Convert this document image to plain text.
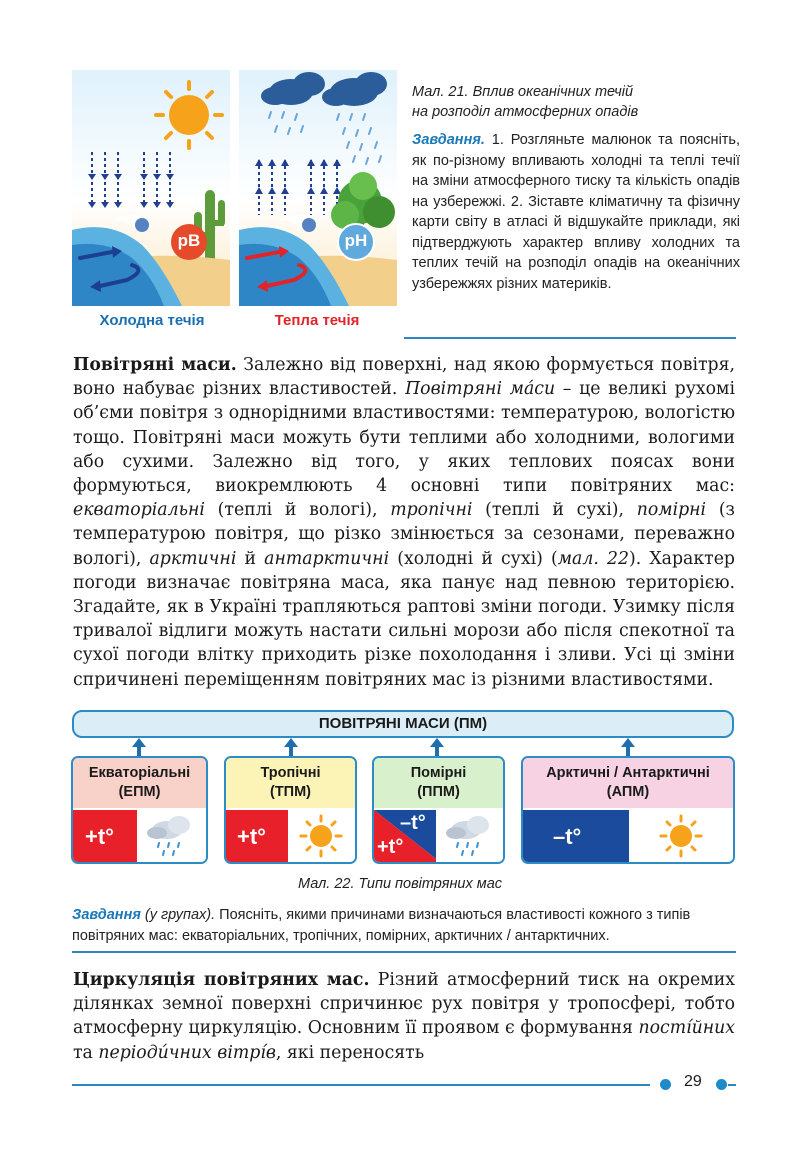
рВ
Холодна течія
рН
Тепла течія
Мал. 21. Вплив океанічних течій
на розподіл атмосферних опадів
Завдання. 1. Розгляньте малюнок та поясніть, як по-різному впливають холодні та теплі течії на зміни атмосферного тиску та кількість опадів на узбережжі. 2. Зіставте кліматичну та фізичну карти світу в атласі й відшукайте приклади, які підтверджують характер впливу холодних та теплих течій на розподіл опадів на океанічних узбережжях різних материків.
Повітряні маси. Залежно від поверхні, над якою формується повітря, воно набуває різних властивостей. Повітряні ма́си – це великі рухомі об’єми повітря з однорідними властивостями: температурою, вологістю тощо. Повітряні маси можуть бути теплими або холодними, вологими або сухими. Залежно від того, у яких теплових поясах вони формуються, виокремлюють 4 основні типи повітряних мас: екваторіальні (теплі й вологі), тропічні (теплі й сухі), помірні (з температурою повітря, що різко змінюється за сезонами, переважно вологі), арктичні й антарктичні (холодні й сухі) (мал. 22). Характер погоди визначає повітряна маса, яка панує над певною територією. Згадайте, як в Україні трапляються раптові зміни погоди. Узимку після тривалої відлиги можуть настати сильні морози або після спекотної та сухої погоди влітку приходить різке похолодання і зливи. Усі ці зміни спричинені переміщенням повітряних мас із різними властивостями.
ПОВІТРЯНІ МАСИ (ПМ)
Екваторіальні
(ЕПМ)
+t°
Тропічні
(ТПМ)
+t°
Помірні
(ППМ)
–t°
+t°
Арктичні / Антарктичні
(АПМ)
–t°
Мал. 22. Типи повітряних мас
Завдання (у групах). Поясніть, якими причинами визначаються властивості кожного з типів повітряних мас: екваторіальних, тропічних, помірних, арктичних / антарктичних.
Циркуляція повітряних мас. Різний атмосферний тиск на окремих ділянках земної поверхні спричинює рух повітря у тропосфері, тобто атмосферну циркуляцію. Основним її проявом є формування пості́йних та періоди́чних вітрі́в, які переносять
29
